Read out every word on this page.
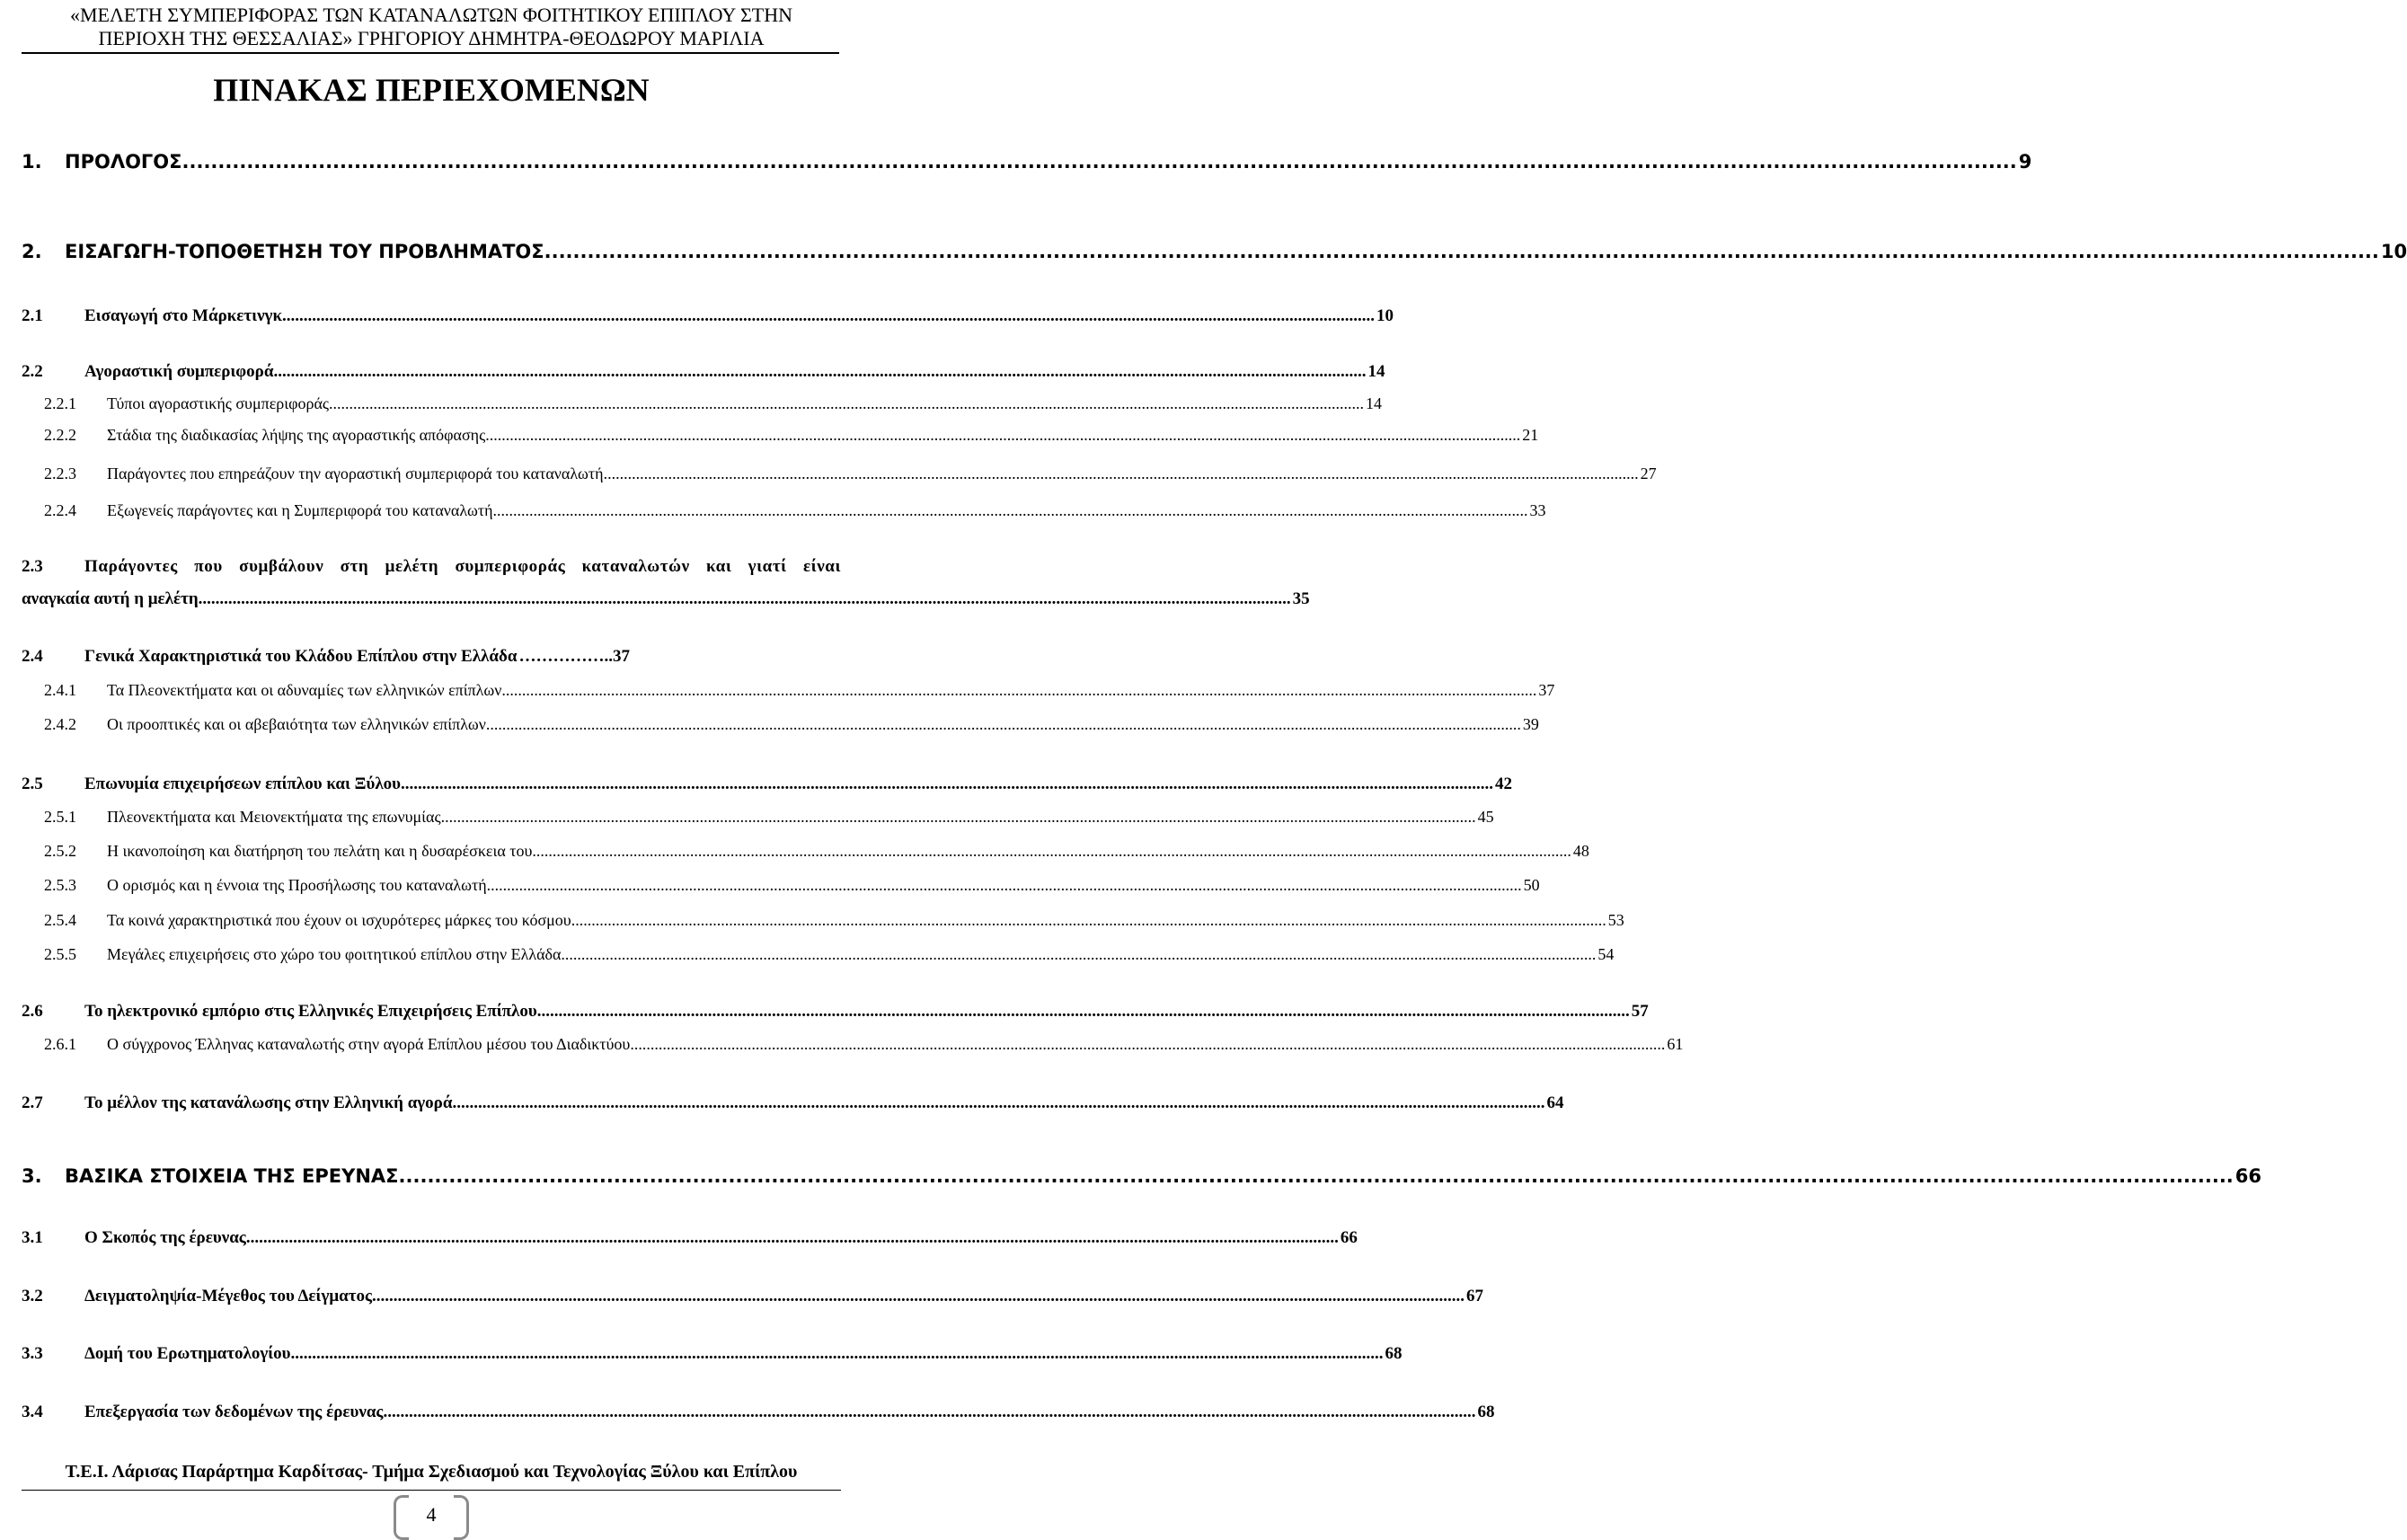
«ΜΕΛΕΤΗ ΣΥΜΠΕΡΙΦΟΡΑΣ ΤΩΝ ΚΑΤΑΝΑΛΩΤΩΝ ΦΟΙΤΗΤΙΚΟΥ ΕΠΙΠΛΟΥ ΣΤΗΝ
ΠΕΡΙΟΧΗ ΤΗΣ ΘΕΣΣΑΛΙΑΣ» ΓΡΗΓΟΡΙΟΥ ΔΗΜΗΤΡΑ-ΘΕΟΔΩΡΟΥ ΜΑΡΙΛΙΑ
ΠΙΝΑΚΑΣ ΠΕΡΙΕΧΟΜΕΝΩΝ
1.	ΠΡΟΛΟΓΟΣ .....	9
2.	ΕΙΣΑΓΩΓΗ-ΤΟΠΟΘΕΤΗΣΗ ΤΟΥ ΠΡΟΒΛΗΜΑΤΟΣ .....	10
2.1	Εισαγωγή στο Μάρκετινγκ .....	10
2.2	Αγοραστική συμπεριφορά .....	14
2.2.1	Τύποι αγοραστικής συμπεριφοράς .....	14
2.2.2	Στάδια της διαδικασίας λήψης της αγοραστικής απόφασης .....	21
2.2.3	Παράγοντες που επηρεάζουν την αγοραστική συμπεριφορά του καταναλωτή .....	27
2.2.4	Εξωγενείς παράγοντες και η Συμπεριφορά του καταναλωτή .....	33
2.3	Παράγοντες που συμβάλουν στη μελέτη συμπεριφοράς καταναλωτών και γιατί είναι
αναγκαία αυτή η μελέτη .....	35
2.4	Γενικά Χαρακτηριστικά του Κλάδου Επίπλου στην Ελλάδα ……………..37
2.4.1	Τα Πλεονεκτήματα και οι αδυναμίες των ελληνικών επίπλων .....	37
2.4.2	Οι προοπτικές και οι αβεβαιότητα των ελληνικών επίπλων .....	39
2.5	Επωνυμία επιχειρήσεων επίπλου και Ξύλου .....	42
2.5.1	Πλεονεκτήματα και Μειονεκτήματα της επωνυμίας .....	45
2.5.2	Η ικανοποίηση και διατήρηση του πελάτη και η δυσαρέσκεια του. .....	48
2.5.3	Ο ορισμός και η έννοια της Προσήλωσης του καταναλωτή .....	50
2.5.4	Τα κοινά χαρακτηριστικά που έχουν οι ισχυρότερες μάρκες του κόσμου .....	53
2.5.5	Μεγάλες επιχειρήσεις στο χώρο του φοιτητικού επίπλου στην Ελλάδα .....	54
2.6	Το ηλεκτρονικό εμπόριο στις Ελληνικές Επιχειρήσεις Επίπλου .....	57
2.6.1	Ο σύγχρονος Έλληνας καταναλωτής στην αγορά Επίπλου μέσου του Διαδικτύου .....	61
2.7	Το μέλλον της κατανάλωσης στην Ελληνική αγορά .....	64
3.	ΒΑΣΙΚΑ ΣΤΟΙΧΕΙΑ ΤΗΣ ΕΡΕΥΝΑΣ .....	66
3.1	Ο Σκοπός της έρευνας .....	66
3.2	Δειγματοληψία-Μέγεθος του Δείγματος .....	67
3.3	Δομή του Ερωτηματολογίου .....	68
3.4	Επεξεργασία των δεδομένων της έρευνας .....	68
Τ.Ε.Ι. Λάρισας Παράρτημα Καρδίτσας- Τμήμα Σχεδιασμού και Τεχνολογίας Ξύλου και Επίπλου
4
